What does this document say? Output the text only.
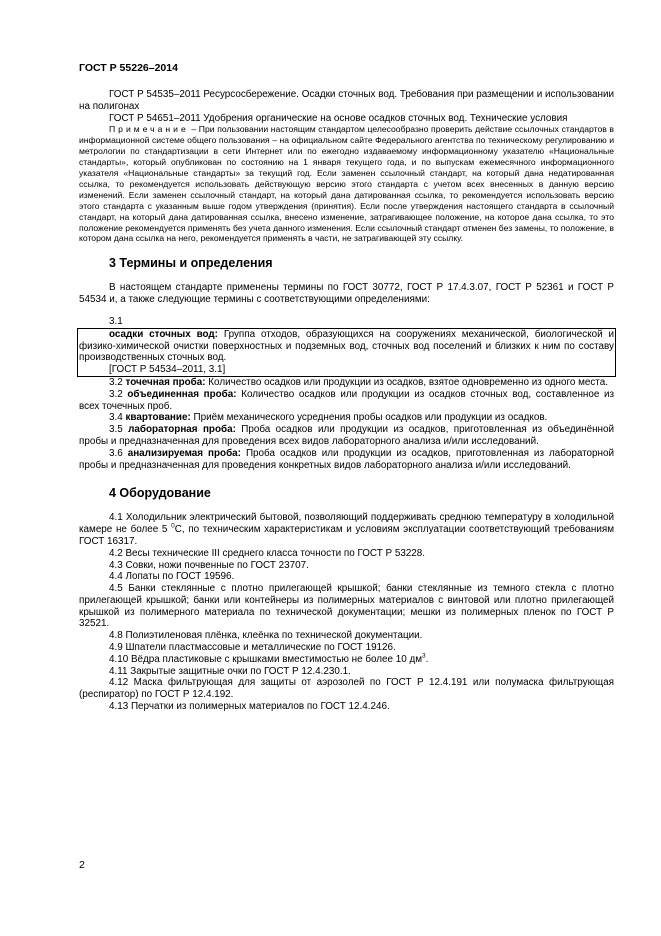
ГОСТ Р 55226–2014

ГОСТ Р 54535–2011 Ресурсосбережение. Осадки сточных вод. Требования при размещении и использовании на полигонах

ГОСТ Р 54651–2011 Удобрения органические на основе осадков сточных вод. Технические условия

Примечание – При пользовании настоящим стандартом целесообразно проверить действие ссылочных стандартов в информационной системе общего пользования – на официальном сайте Федерального агентства по техническому регулированию и метрологии по стандартизации в сети Интернет или по ежегодно издаваемому информационному указателю «Национальные стандарты», который опубликован по состоянию на 1 января текущего года, и по выпускам ежемесячного информационного указателя «Национальные стандарты» за текущий год. Если заменен ссылочный стандарт, на который дана недатированная ссылка, то рекомендуется использовать действующую версию этого стандарта с учетом всех внесенных в данную версию изменений. Если заменен ссылочный стандарт, на который дана датированная ссылка, то рекомендуется использовать версию этого стандарта с указанным выше годом утверждения (принятия). Если после утверждения настоящего стандарта в ссылочный стандарт, на который дана датированная ссылка, внесено изменение, затрагивающее положение, на которое дана ссылка, то это положение рекомендуется применять без учета данного изменения. Если ссылочный стандарт отменен без замены, то положение, в котором дана ссылка на него, рекомендуется применять в части, не затрагивающей эту ссылку.
3 Термины и определения

В настоящем стандарте применены термины по ГОСТ 30772, ГОСТ Р 17.4.3.07, ГОСТ Р 52361 и ГОСТ Р 54534 и, а также следующие термины с соответствующими определениями:

3.1

осадки сточных вод: Группа отходов, образующихся на сооружениях механической, биологической и физико-химической очистки поверхностных и подземных вод, сточных вод поселений и близких к ним по составу производственных сточных вод.

[ГОСТ Р 54534–2011, 3.1]

3.2 точечная проба: Количество осадков или продукции из осадков, взятое одновременно из одного места.

3.2 объединенная проба: Количество осадков или продукции из осадков сточных вод, составленное из всех точечных проб.

3.4 квартование: Приём механического усреднения пробы осадков или продукции из осадков.

3.5 лабораторная проба: Проба осадков или продукции из осадков, приготовленная из объединённой пробы и предназначенная для проведения всех видов лабораторного анализа и/или исследований.

3.6 анализируемая проба: Проба осадков или продукции из осадков, приготовленная из лабораторной пробы и предназначенная для проведения конкретных видов лабораторного анализа и/или исследований.

4 Оборудование

4.1 Холодильник электрический бытовой, позволяющий поддерживать среднюю температуру в холодильной камере не более 5 $^0$С, по техническим характеристикам и условиям эксплуатации соответствующий требованиям ГОСТ 16317.

4.2 Весы технические III среднего класса точности по ГОСТ Р 53228.

4.3 Совки, ножи почвенные по ГОСТ 23707.

4.4 Лопаты по ГОСТ 19596.

4.5 Банки стеклянные с плотно прилегающей крышкой; банки стеклянные из темного стекла с плотно прилегающей крышкой; банки или контейнеры из полимерных материалов с винтовой или плотно прилегающей крышкой из полимерного материала по технической документации; мешки из полимерных пленок по ГОСТ Р 32521.

4.8 Полиэтиленовая плёнка, клеёнка по технической документации.

4.9 Шпатели пластмассовые и металлические по ГОСТ 19126.

4.10 Вёдра пластиковые с крышками вместимостью не более 10 $дм^3$.

4.11 Закрытые защитные очки по ГОСТ Р 12.4.230.1.

4.12 Маска фильтрующая для защиты от аэрозолей по ГОСТ Р 12.4.191 или полумаска фильтрующая (респиратор) по ГОСТ Р 12.4.192.

4.13 Перчатки из полимерных материалов по ГОСТ 12.4.246.

2
